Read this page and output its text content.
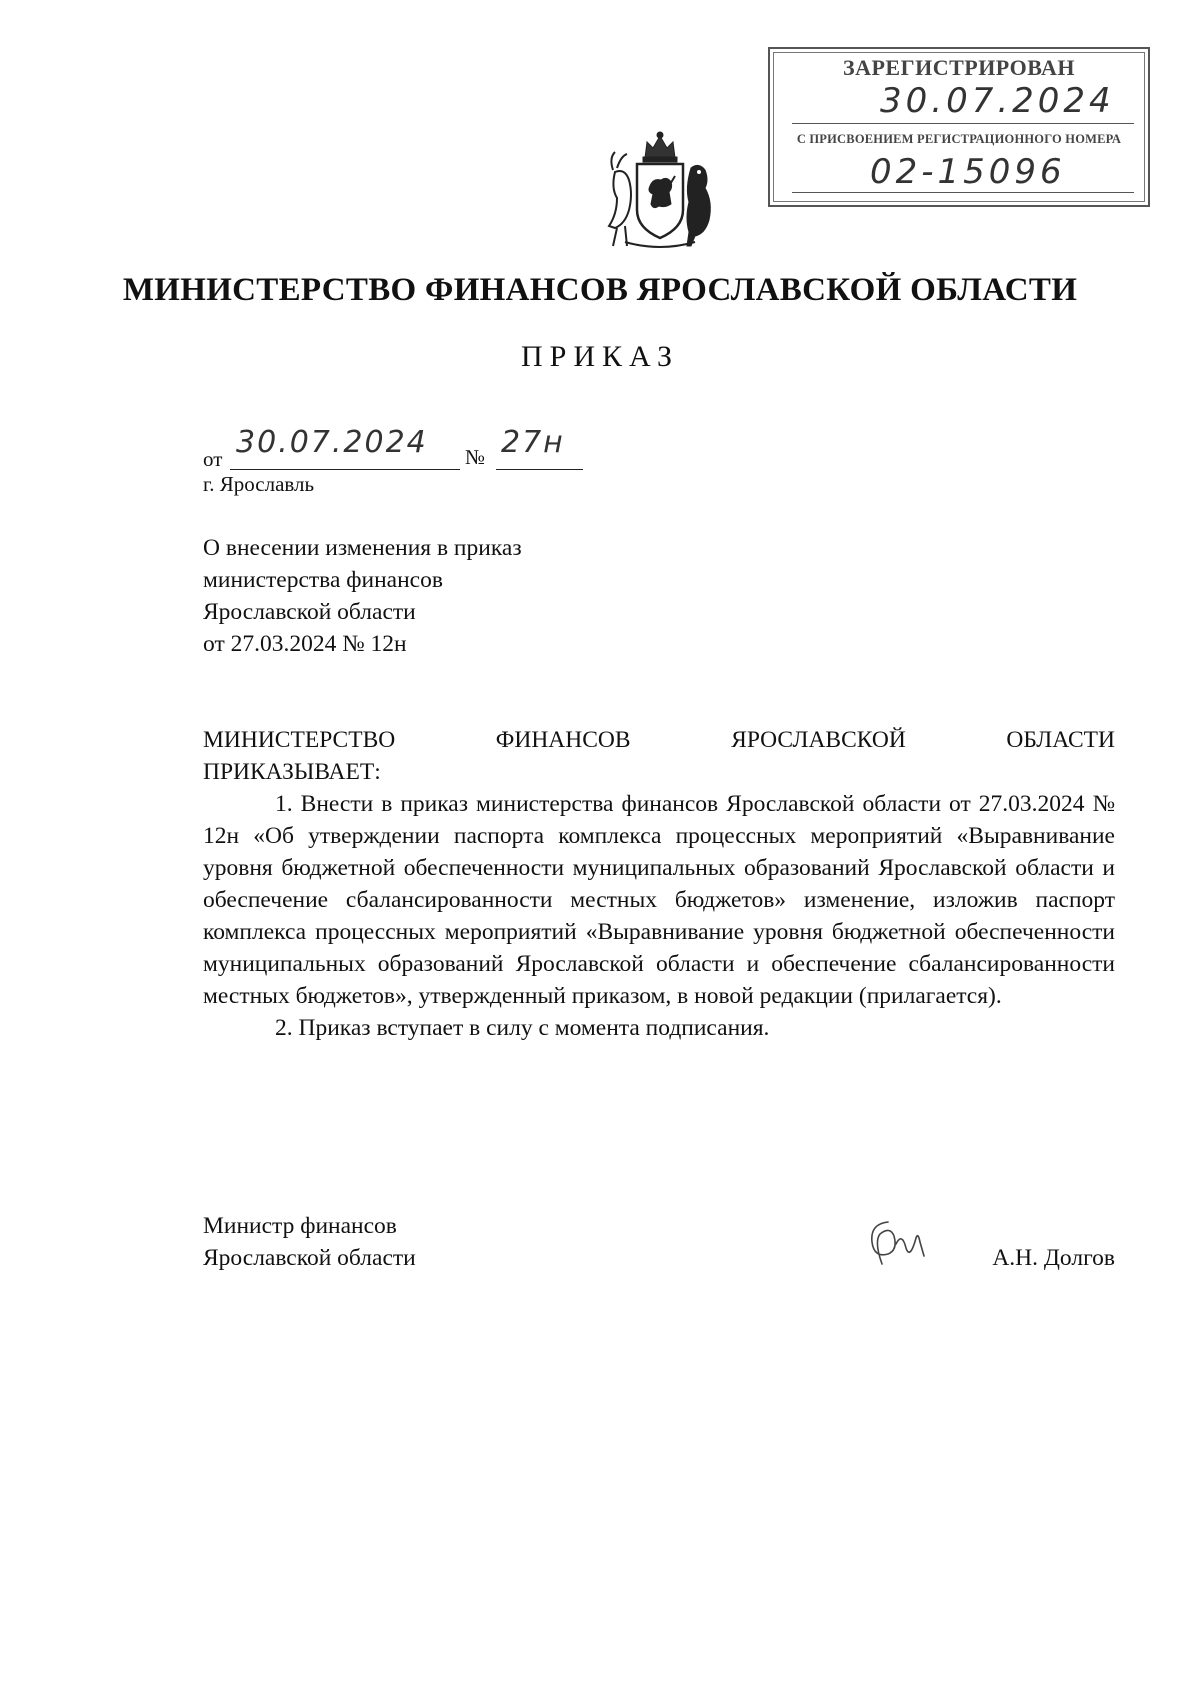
ЗАРЕГИСТРИРОВАН
30.07.2024
С ПРИСВОЕНИЕМ РЕГИСТРАЦИОННОГО НОМЕРА
02-15096
МИНИСТЕРСТВО ФИНАНСОВ ЯРОСЛАВСКОЙ ОБЛАСТИ
ПРИКАЗ
от 30.07.2024 № 27н
г. Ярославль
О внесении изменения в приказ
министерства финансов
Ярославской области
от 27.03.2024 № 12н
МИНИСТЕРСТВО	ФИНАНСОВ	ЯРОСЛАВСКОЙ	ОБЛАСТИ

ПРИКАЗЫВАЕТ:

1. Внести в приказ министерства финансов Ярославской области от 27.03.2024 № 12н «Об утверждении паспорта комплекса процессных мероприятий «Выравнивание уровня бюджетной обеспеченности муниципальных образований Ярославской области и обеспечение сбалансированности местных бюджетов» изменение, изложив паспорт комплекса процессных мероприятий «Выравнивание уровня бюджетной обеспеченности муниципальных образований Ярославской области и обеспечение сбалансированности местных бюджетов», утвержденный приказом, в новой редакции (прилагается).

2. Приказ вступает в силу с момента подписания.

Министр финансов
Ярославской области	А.Н. Долгов
